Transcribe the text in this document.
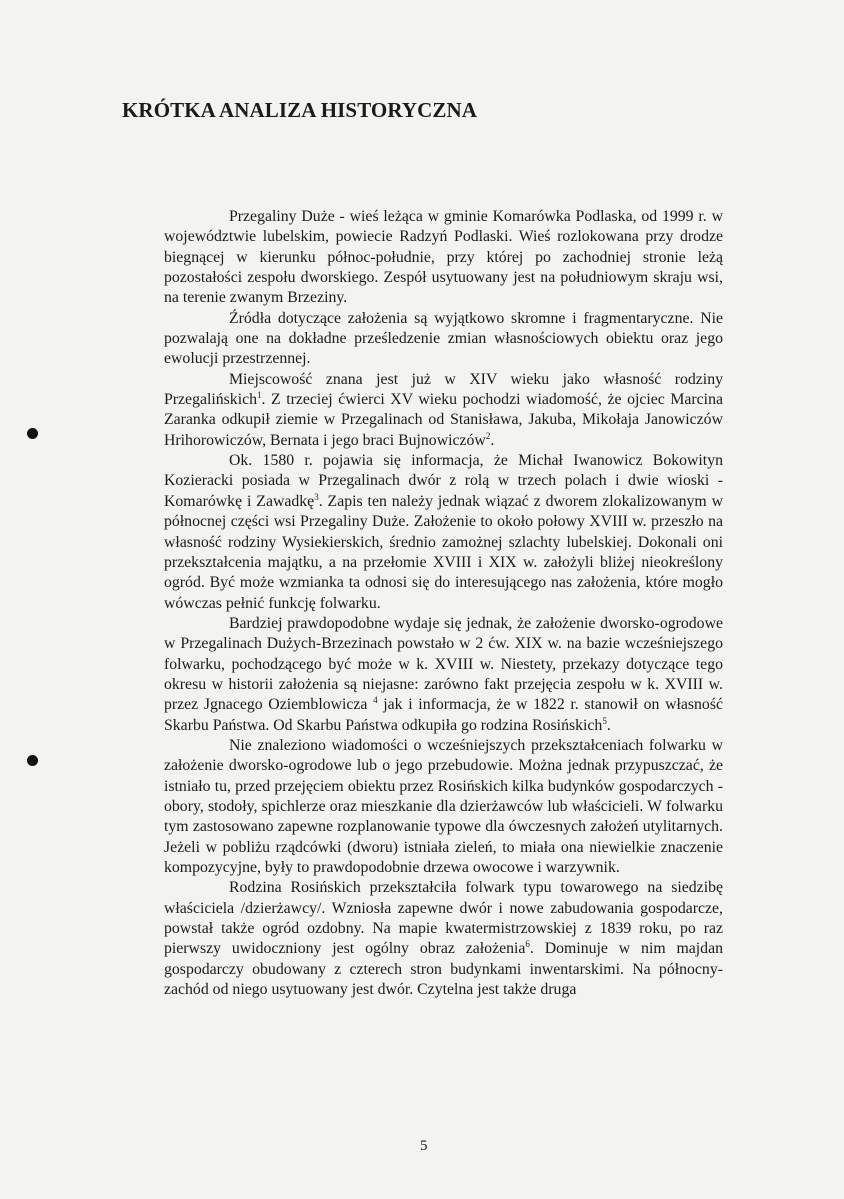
KRÓTKA ANALIZA HISTORYCZNA

Przegaliny Duże - wieś leżąca w gminie Komarówka Podlaska, od 1999 r. w województwie lubelskim, powiecie Radzyń Podlaski. Wieś rozlokowana przy drodze biegnącej w kierunku północ-południe, przy której po zachodniej stronie leżą pozostałości zespołu dworskiego. Zespół usytuowany jest na południowym skraju wsi, na terenie zwanym Brzeziny.

Źródła dotyczące założenia są wyjątkowo skromne i fragmentaryczne. Nie pozwalają one na dokładne prześledzenie zmian własnościowych obiektu oraz jego ewolucji przestrzennej.

Miejscowość znana jest już w XIV wieku jako własność rodziny Przegalińskich$^1$. Z trzeciej ćwierci XV wieku pochodzi wiadomość, że ojciec Marcina Zaranka odkupił ziemie w Przegalinach od Stanisława, Jakuba, Mikołaja Janowiczów Hrihorowiczów, Bernata i jego braci Bujnowiczów$^2$.

Ok. 1580 r. pojawia się informacja, że Michał Iwanowicz Bokowityn Kozieracki posiada w Przegalinach dwór z rolą w trzech polach i dwie wioski - Komarówkę i Zawadkę$^3$. Zapis ten należy jednak wiązać z dworem zlokalizowanym w północnej części wsi Przegaliny Duże. Założenie to około połowy XVIII w. przeszło na własność rodziny Wysiekierskich, średnio zamożnej szlachty lubelskiej. Dokonali oni przekształcenia majątku, a na przełomie XVIII i XIX w. założyli bliżej nieokreślony ogród. Być może wzmianka ta odnosi się do interesującego nas założenia, które mogło wówczas pełnić funkcję folwarku.

Bardziej prawdopodobne wydaje się jednak, że założenie dworsko-ogrodowe w Przegalinach Dużych-Brzezinach powstało w 2 ćw. XIX w. na bazie wcześniejszego folwarku, pochodzącego być może w k. XVIII w. Niestety, przekazy dotyczące tego okresu w historii założenia są niejasne: zarówno fakt przejęcia zespołu w k. XVIII w. przez Jgnacego Oziemblowicza $^4$ jak i informacja, że w 1822 r. stanowił on własność Skarbu Państwa. Od Skarbu Państwa odkupiła go rodzina Rosińskich$^5$.

Nie znaleziono wiadomości o wcześniejszych przekształceniach folwarku w założenie dworsko-ogrodowe lub o jego przebudowie. Można jednak przypuszczać, że istniało tu, przed przejęciem obiektu przez Rosińskich kilka budynków gospodarczych - obory, stodoły, spichlerze oraz mieszkanie dla dzierżawców lub właścicieli. W folwarku tym zastosowano zapewne rozplanowanie typowe dla ówczesnych założeń utylitarnych. Jeżeli w pobliżu rządcówki (dworu) istniała zieleń, to miała ona niewielkie znaczenie kompozycyjne, były to prawdopodobnie drzewa owocowe i warzywnik.

Rodzina Rosińskich przekształciła folwark typu towarowego na siedzibę właściciela /dzierżawcy/. Wzniosła zapewne dwór i nowe zabudowania gospodarcze, powstał także ogród ozdobny. Na mapie kwatermistrzowskiej z 1839 roku, po raz pierwszy uwidoczniony jest ogólny obraz założenia$^6$. Dominuje w nim majdan gospodarczy obudowany z czterech stron budynkami inwentarskimi. Na północny-zachód od niego usytuowany jest dwór. Czytelna jest także druga

5
